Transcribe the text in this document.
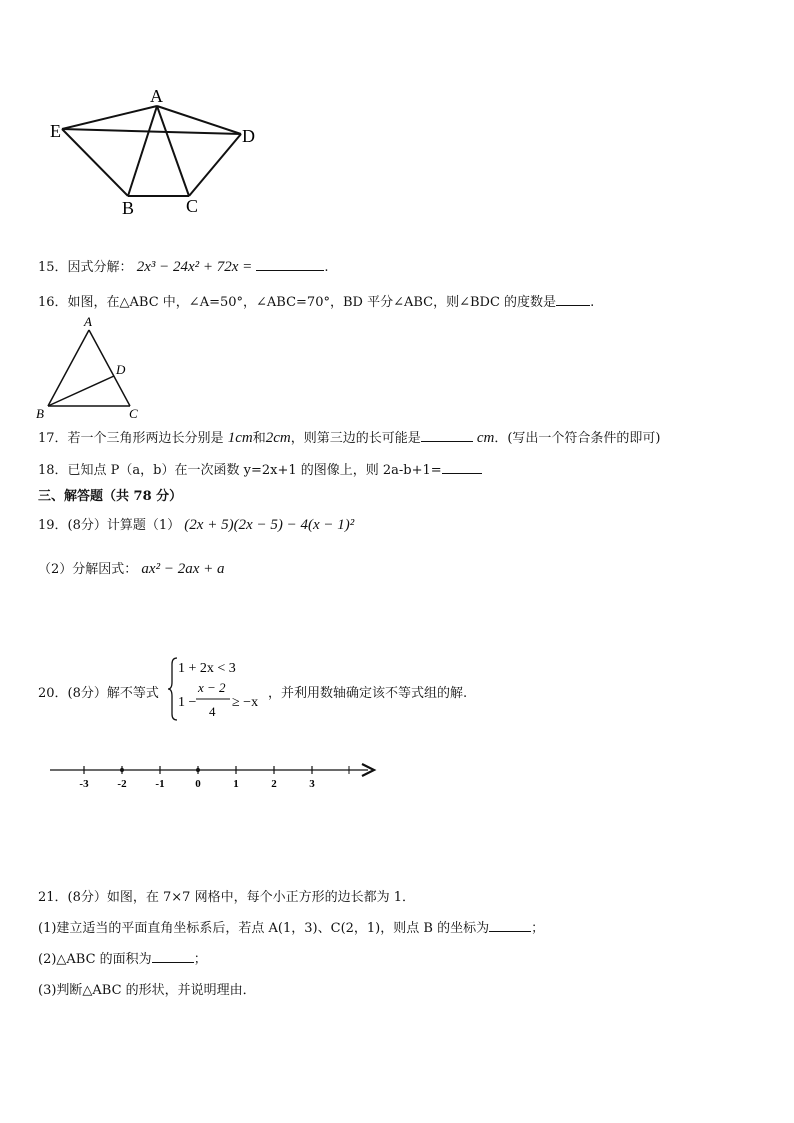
A
E	D
B	C
15．因式分解： 2x³ − 24x² + 72x =	.
16．如图，在△ABC 中，∠A=50°，∠ABC=70°，BD 平分∠ABC，则∠BDC 的度数是	.
A
D
B	C
17．若一个三角形两边长分别是 1cm和2cm，则第三边的长可能是	cm．(写出一个符合条件的即可)
18．已知点 P（a，b）在一次函数 y=2x+1 的图像上，则 2a-b+1=
三、解答题（共 78 分）
19．(8分）计算题（1） (2x + 5)(2x − 5) − 4(x − 1)²
（2）分解因式： ax² − 2ax + a
20．(8分）解不等式
1 + 2x < 3
1 −
x − 2
4
≥ −x
，并利用数轴确定该不等式组的解.
-3	-2	-1	0	1	2	3
21．(8分）如图，在 7×7 网格中，每个小正方形的边长都为 1．
(1)建立适当的平面直角坐标系后，若点 A(1，3)、C(2，1)，则点 B 的坐标为	；
(2)△ABC 的面积为	；
(3)判断△ABC 的形状，并说明理由．
